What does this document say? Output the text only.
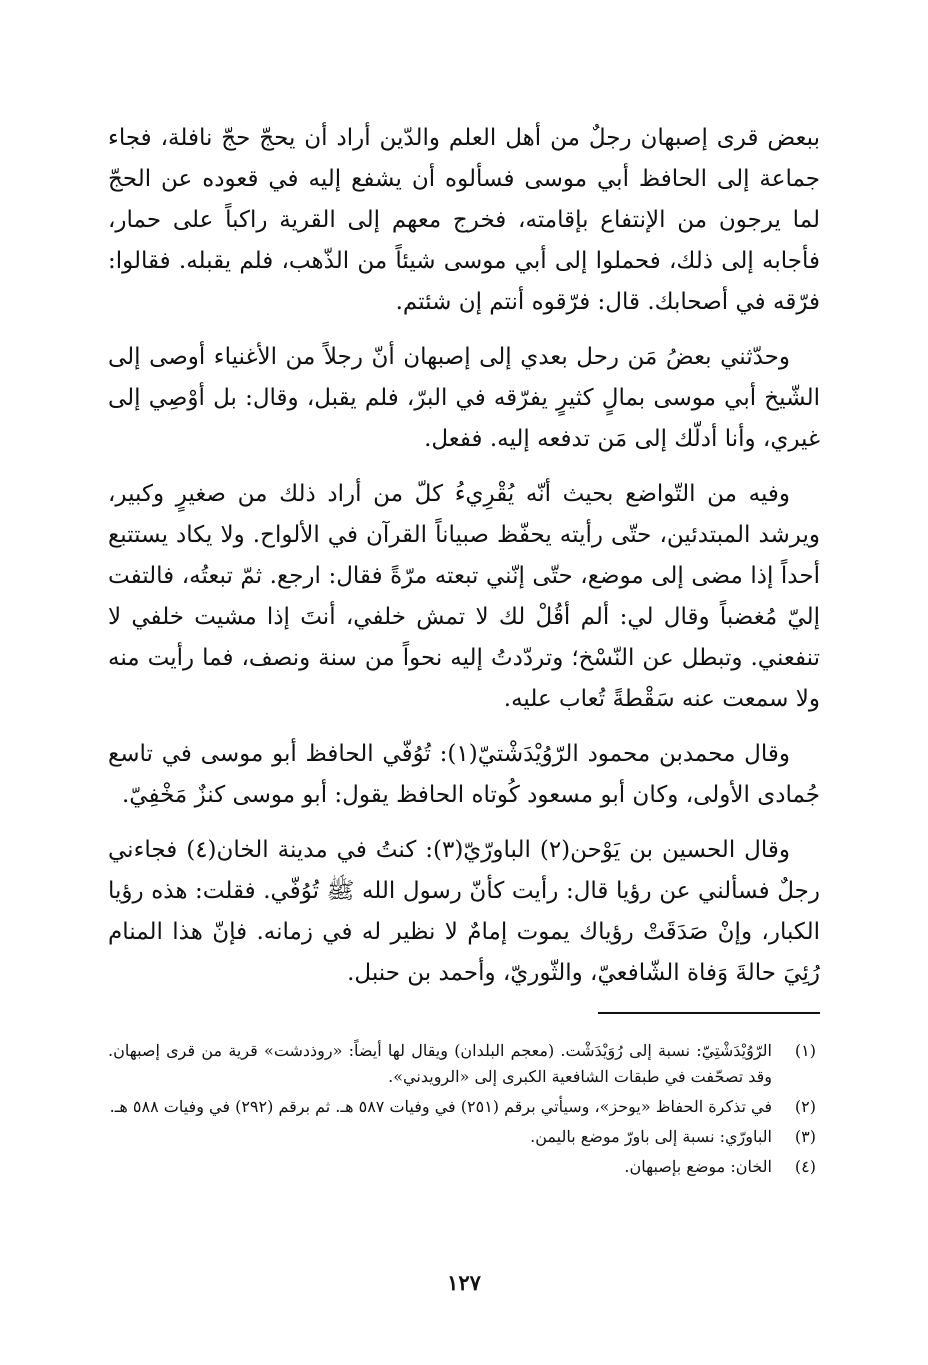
ببعض قرى إصبهان رجلٌ من أهل العلم والدّين أراد أن يحجّ حجّ نافلة، فجاء جماعة إلى الحافظ أبي موسى فسألوه أن يشفع إليه في قعوده عن الحجّ لما يرجون من الإنتفاع بإقامته، فخرج معهم إلى القرية راكباً على حمار، فأجابه إلى ذلك، فحملوا إلى أبي موسى شيئاً من الذّهب، فلم يقبله. فقالوا: فرّقه في أصحابك. قال: فرّقوه أنتم إن شئتم.

وحدّثني بعضُ مَن رحل بعدي إلى إصبهان أنّ رجلاً من الأغنياء أوصى إلى الشّيخ أبي موسى بمالٍ كثيرٍ يفرّقه في البرّ، فلم يقبل، وقال: بل أوْصِي إلى غيري، وأنا أدلّك إلى مَن تدفعه إليه. ففعل.

وفيه من التّواضع بحيث أنّه يُقْرِيءُ كلّ من أراد ذلك من صغيرٍ وكبير، ويرشد المبتدئين، حتّى رأيته يحفّظ صبياناً القرآن في الألواح. ولا يكاد يستتبع أحداً إذا مضى إلى موضع، حتّى إنّني تبعته مرّةً فقال: ارجع. ثمّ تبعتُه، فالتفت إليّ مُغضباً وقال لي: ألم أقُلْ لك لا تمش خلفي، أنتَ إذا مشيت خلفي لا تنفعني. وتبطل عن النّسْخ؛ وتردّدتُ إليه نحواً من سنة ونصف، فما رأيت منه ولا سمعت عنه سَقْطةً تُعاب عليه.

وقال محمدبن محمود الرّوُيْدَشْتيّ(١): تُوُفّي الحافظ أبو موسى في تاسع جُمادى الأولى، وكان أبو مسعود كُوتاه الحافظ يقول: أبو موسى كنزٌ مَخْفِيّ.

وقال الحسين بن يَوْحن(٢) الباورّيّ(٣): كنتُ في مدينة الخان(٤) فجاءني رجلٌ فسألني عن رؤيا قال: رأيت كأنّ رسول الله ﷺ تُوُفّي. فقلت: هذه رؤيا الكبار، وإنْ صَدَقَتْ رؤياك يموت إمامٌ لا نظير له في زمانه. فإنّ هذا المنام رُئِيَ حالةَ وَفاة الشّافعيّ، والثّوريّ، وأحمد بن حنبل.

(١)
الرّوُيْدَشْتِيّ: نسبة إلى رُوَيْدَشْت. (معجم البلدان) ويقال لها أيضاً: «روذدشت» قرية من قرى إصبهان. وقد تصحّفت في طبقات الشافعية الكبرى إلى «الرويدني».
(٢)
في تذكرة الحفاظ «يوحز»، وسيأتي برقم (٢٥١) في وفيات ٥٨٧ هـ. ثم برقم (٢٩٢) في وفيات ٥٨٨ هـ.
(٣)
الباورّي: نسبة إلى باورّ موضع باليمن.
(٤)
الخان: موضع بإصبهان.
١٢٧
